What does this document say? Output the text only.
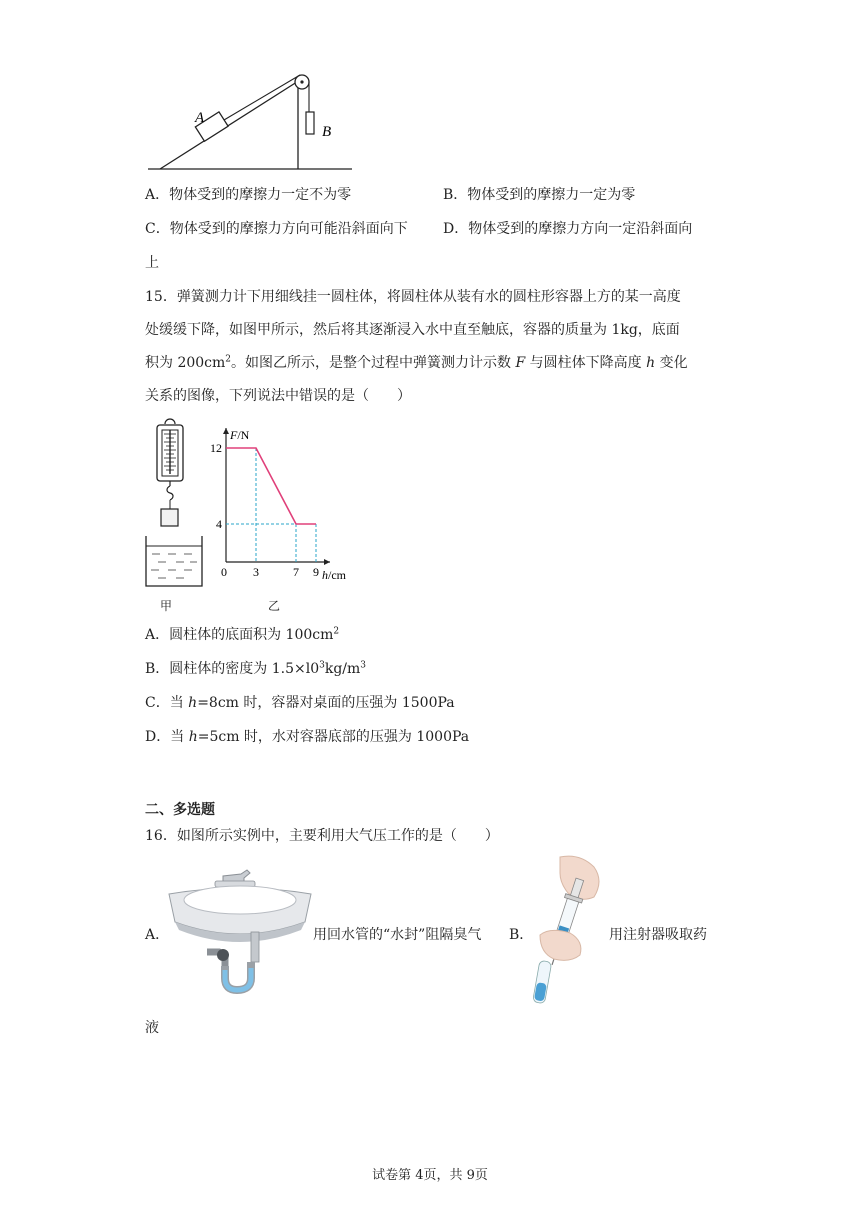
A
B
A．物体受到的摩擦力一定不为零	B．物体受到的摩擦力一定为零
C．物体受到的摩擦力方向可能沿斜面向下	D．物体受到的摩擦力方向一定沿斜面向
上
15．弹簧测力计下用细线挂一圆柱体，将圆柱体从装有水的圆柱形容器上方的某一高度
处缓缓下降，如图甲所示，然后将其逐渐浸入水中直至触底，容器的质量为 1kg，底面
积为 $200cm^2$。如图乙所示，是整个过程中弹簧测力计示数 F 与圆柱体下降高度 h 变化
关系的图像，下列说法中错误的是（　　）
12
4
3	7 9
0
F/N
h/cm
甲	乙
A．圆柱体的底面积为 $100cm^2$
B．圆柱体的密度为 $1.5\times l0^3kg/m^3$
C．当 h=8cm 时，容器对桌面的压强为 1500Pa
D．当 h=5cm 时，水对容器底部的压强为 1000Pa
二、多选题
16．如图所示实例中，主要利用大气压工作的是（　　）
A．	用回水管的“水封”阻隔臭气 B．	用注射器吸取药
液
试卷第 4页，共 9页
